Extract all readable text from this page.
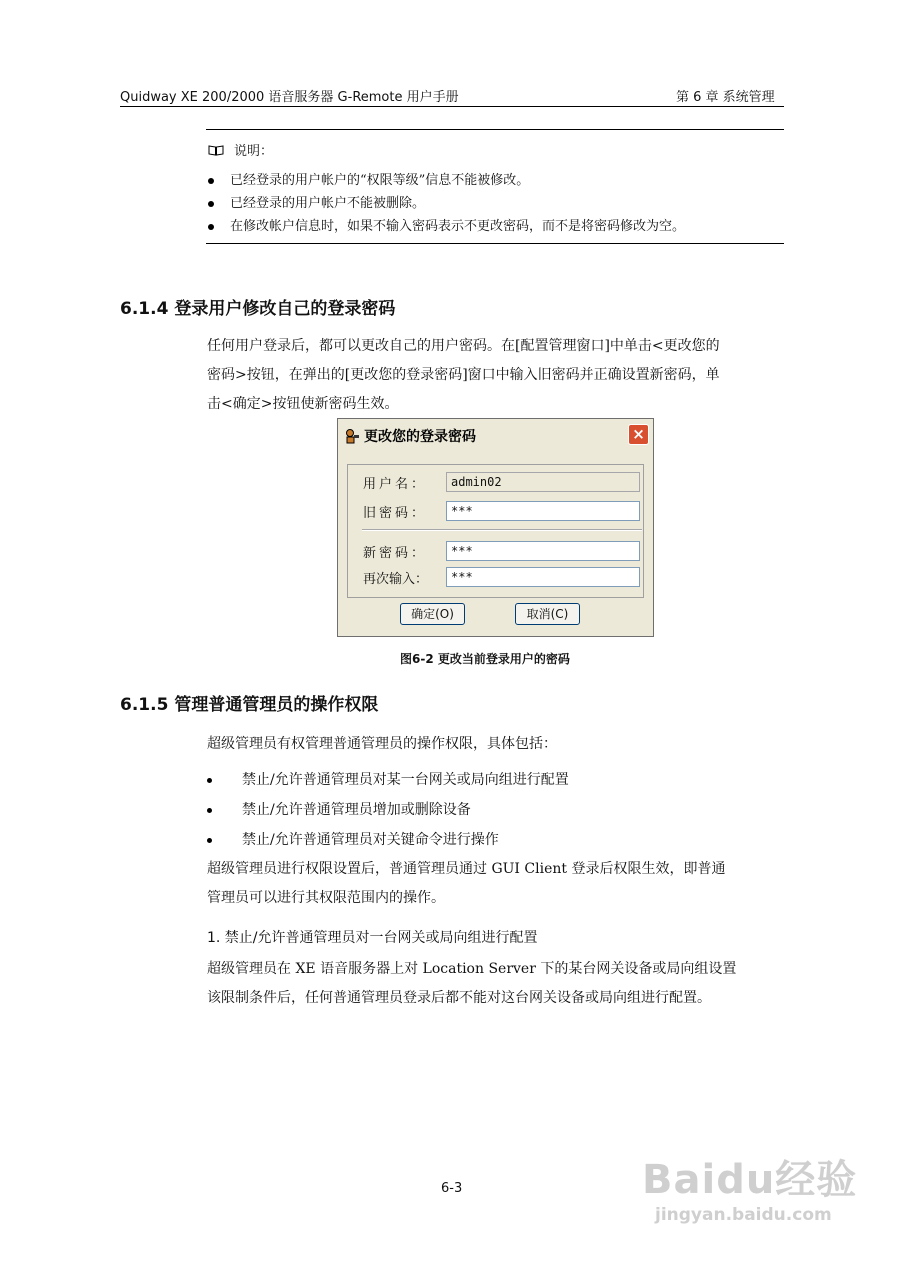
Quidway XE 200/2000 语音服务器 G-Remote 用户手册	第 6 章 系统管理
说明：
已经登录的用户帐户的“权限等级”信息不能被修改。
已经登录的用户帐户不能被删除。
在修改帐户信息时，如果不输入密码表示不更改密码，而不是将密码修改为空。
6.1.4 登录用户修改自己的登录密码
任何用户登录后，都可以更改自己的用户密码。在[配置管理窗口]中单击<更改您的
密码>按钮，在弹出的[更改您的登录密码]窗口中输入旧密码并正确设置新密码，单
击<确定>按钮使新密码生效。
更改您的登录密码	×
用户名：	admin02
旧密码：	***
新密码：	***
再次输入：	***
确定(O)	取消(C)
图6-2 更改当前登录用户的密码
6.1.5 管理普通管理员的操作权限
超级管理员有权管理普通管理员的操作权限，具体包括：
禁止/允许普通管理员对某一台网关或局向组进行配置
禁止/允许普通管理员增加或删除设备
禁止/允许普通管理员对关键命令进行操作
超级管理员进行权限设置后，普通管理员通过 GUI Client 登录后权限生效，即普通
管理员可以进行其权限范围内的操作。
1. 禁止/允许普通管理员对一台网关或局向组进行配置
超级管理员在 XE 语音服务器上对 Location Server 下的某台网关设备或局向组设置
该限制条件后，任何普通管理员登录后都不能对这台网关设备或局向组进行配置。
6-3	Baidu经验
jingyan.baidu.com
